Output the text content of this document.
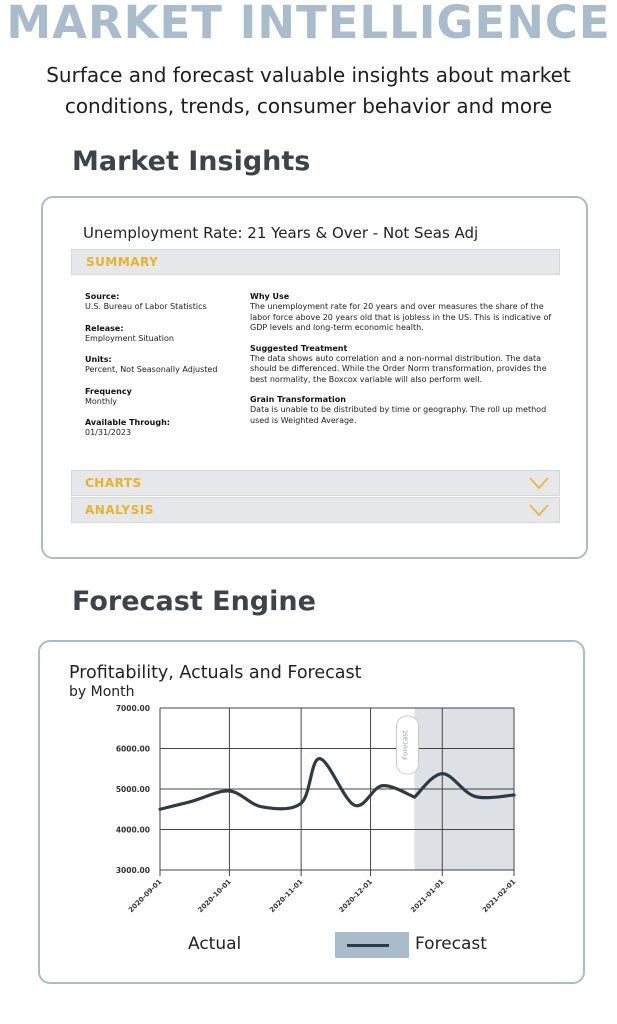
MARKET INTELLIGENCE
Surface and forecast valuable insights about market
conditions, trends, consumer behavior and more
Market Insights
Unemployment Rate: 21 Years & Over - Not Seas Adj
SUMMARY
Source:
U.S. Bureau of Labor Statistics
Release:
Employment Situation
Units:
Percent, Not Seasonally Adjusted
Frequency
Monthly
Available Through:
01/31/2023
Why Use
The unemployment rate for 20 years and over measures the share of the labor force above 20 years old that is jobless in the US. This is indicative of GDP levels and long-term economic health.
Suggested Treatment
The data shows auto correlation and a non-normal distribution. The data should be differenced. While the Order Norm transformation, provides the best normality, the Boxcox variable will also perform well.
Grain Transformation
Data is unable to be distributed by time or geography. The roll up method used is Weighted Average.
CHARTS
ANALYSIS
Forecast Engine
Profitability, Actuals and Forecast
by Month
7000.00
6000.00
5000.00
4000.00
3000.00
2020-09-01	2020-10-01	2020-11-01	2020-12-01	2021-01-01	2021-02-01
Forecast
Actual	Forecast
